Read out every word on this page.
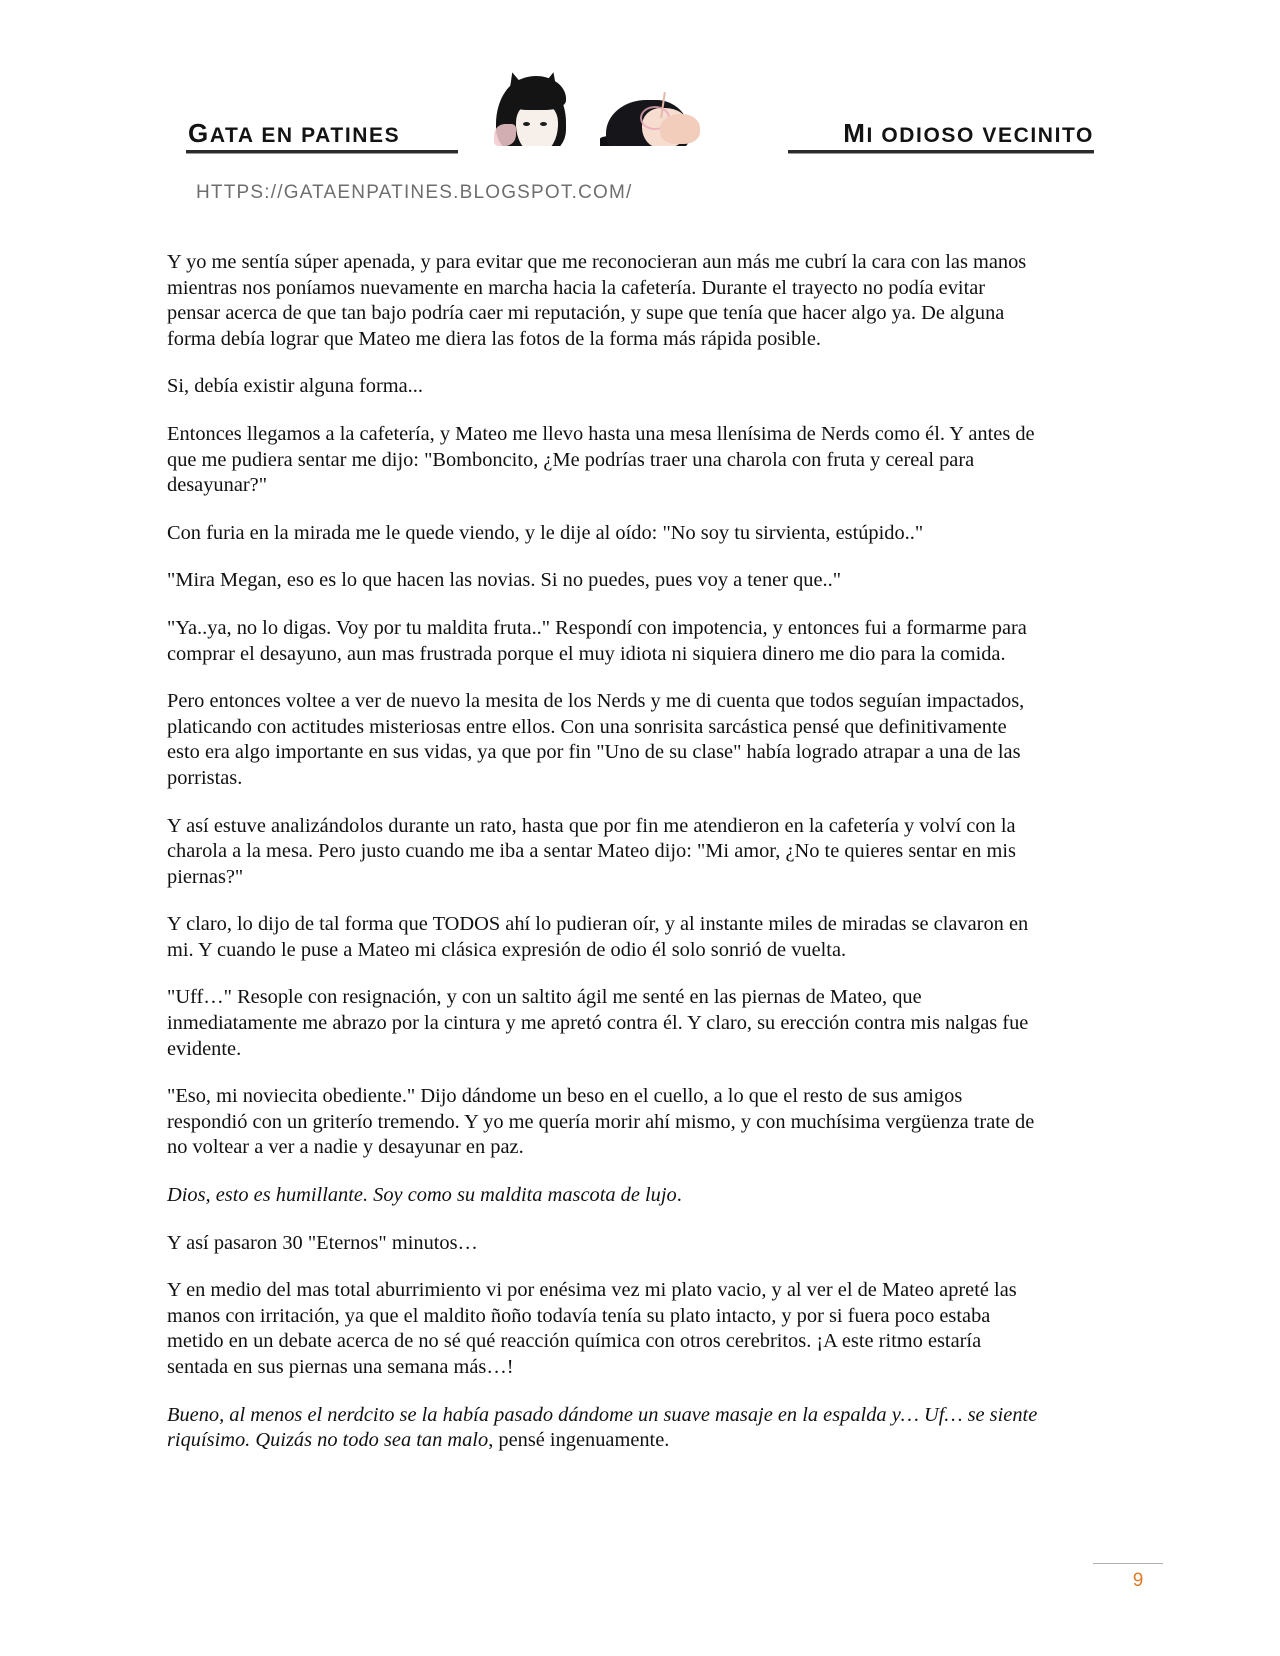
GATA EN PATINES	MI ODIOSO VECINITO
HTTPS://GATAENPATINES.BLOGSPOT.COM/

Y yo me sentía súper apenada, y para evitar que me reconocieran aun más me cubrí la cara con las manos mientras nos poníamos nuevamente en marcha hacia la cafetería. Durante el trayecto no podía evitar pensar acerca de que tan bajo podría caer mi reputación, y supe que tenía que hacer algo ya. De alguna forma debía lograr que Mateo me diera las fotos de la forma más rápida posible.

Si, debía existir alguna forma...

Entonces llegamos a la cafetería, y Mateo me llevo hasta una mesa llenísima de Nerds como él. Y antes de que me pudiera sentar me dijo: "Bomboncito, ¿Me podrías traer una charola con fruta y cereal para desayunar?"

Con furia en la mirada me le quede viendo, y le dije al oído: "No soy tu sirvienta, estúpido.."

"Mira Megan, eso es lo que hacen las novias. Si no puedes, pues voy a tener que.."

"Ya..ya, no lo digas. Voy por tu maldita fruta.." Respondí con impotencia, y entonces fui a formarme para comprar el desayuno, aun mas frustrada porque el muy idiota ni siquiera dinero me dio para la comida.

Pero entonces voltee a ver de nuevo la mesita de los Nerds y me di cuenta que todos seguían impactados, platicando con actitudes misteriosas entre ellos. Con una sonrisita sarcástica pensé que definitivamente esto era algo importante en sus vidas, ya que por fin "Uno de su clase" había logrado atrapar a una de las porristas.

Y así estuve analizándolos durante un rato, hasta que por fin me atendieron en la cafetería y volví con la charola a la mesa. Pero justo cuando me iba a sentar Mateo dijo: "Mi amor, ¿No te quieres sentar en mis piernas?"

Y claro, lo dijo de tal forma que TODOS ahí lo pudieran oír, y al instante miles de miradas se clavaron en mi. Y cuando le puse a Mateo mi clásica expresión de odio él solo sonrió de vuelta.

"Uff…" Resople con resignación, y con un saltito ágil me senté en las piernas de Mateo, que inmediatamente me abrazo por la cintura y me apretó contra él. Y claro, su erección contra mis nalgas fue evidente.

"Eso, mi noviecita obediente." Dijo dándome un beso en el cuello, a lo que el resto de sus amigos respondió con un griterío tremendo. Y yo me quería morir ahí mismo, y con muchísima vergüenza trate de no voltear a ver a nadie y desayunar en paz.

Dios, esto es humillante. Soy como su maldita mascota de lujo.

Y así pasaron 30 "Eternos" minutos…

Y en medio del mas total aburrimiento vi por enésima vez mi plato vacio, y al ver el de Mateo apreté las manos con irritación, ya que el maldito ñoño todavía tenía su plato intacto, y por si fuera poco estaba metido en un debate acerca de no sé qué reacción química con otros cerebritos. ¡A este ritmo estaría sentada en sus piernas una semana más…!

Bueno, al menos el nerdcito se la había pasado dándome un suave masaje en la espalda y… Uf… se siente riquísimo. Quizás no todo sea tan malo, pensé ingenuamente.

9
